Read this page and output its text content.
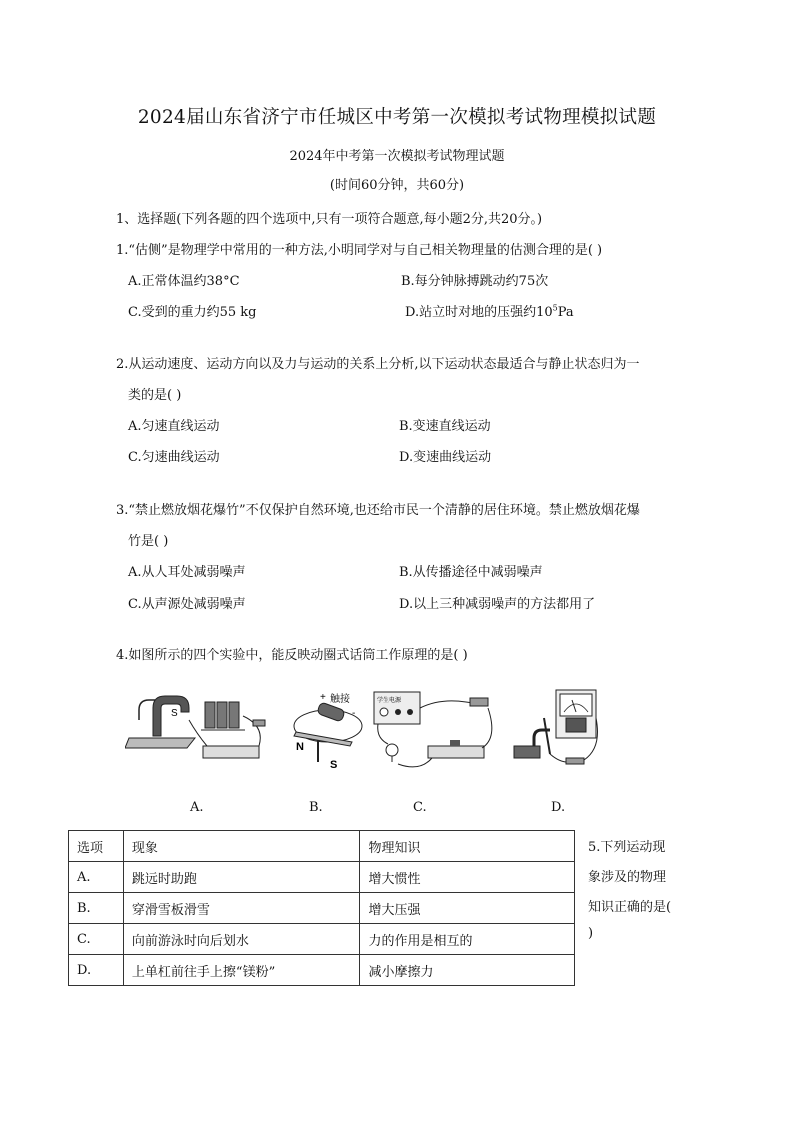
2024届山东省济宁市任城区中考第一次模拟考试物理模拟试题
2024年中考第一次模拟考试物理试题
(时间60分钟，共60分)
1、选择题(下列各题的四个选项中,只有一项符合题意,每小题2分,共20分。)
1.“估侧”是物理学中常用的一种方法,小明同学对与自己相关物理量的估测合理的是( )
A.正常体温约38°C	B.每分钟脉搏跳动约75次
C.受到的重力约55 kg	D.站立时对地的压强约$10^5Pa$
2.从运动速度、运动方向以及力与运动的关系上分析,以下运动状态最适合与静止状态归为一
类的是( )
A.匀速直线运动	B.变速直线运动
C.匀速曲线运动	D.变速曲线运动
3.“禁止燃放烟花爆竹”不仅保护自然环境,也还给市民一个清静的居住环境。禁止燃放烟花爆
竹是( )
A.从人耳处减弱噪声	B.从传播途径中减弱噪声
C.从声源处减弱噪声	D.以上三种减弱噪声的方法都用了
4.如图所示的四个实验中，能反映动圈式话筒工作原理的是( )
S
+ 触接
-
N
S
学生电源
A.	B.	C.	D.
选项	现象	物理知识
A.	跳远时助跑	增大惯性
B.	穿滑雪板滑雪	增大压强
C.	向前游泳时向后划水	力的作用是相互的
D.	上单杠前往手上擦“镁粉”	减小摩擦力
5.下列运动现
象涉及的物理
知识正确的是(
)
